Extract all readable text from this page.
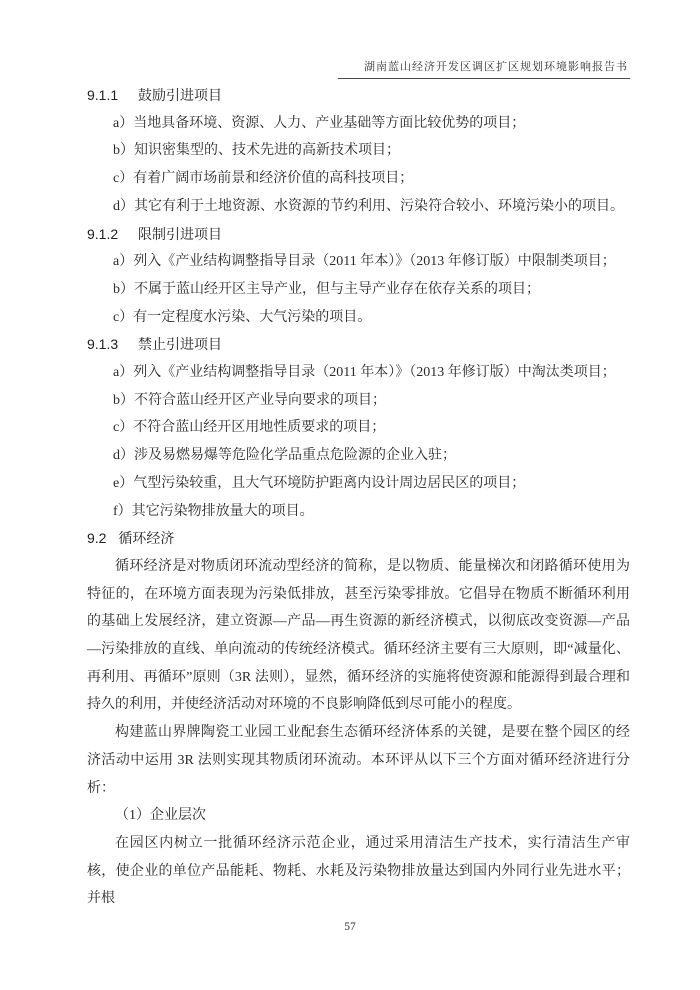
湖南蓝山经济开发区调区扩区规划环境影响报告书
9.1.1 鼓励引进项目

a）当地具备环境、资源、人力、产业基础等方面比较优势的项目；

b）知识密集型的、技术先进的高新技术项目；

c）有着广阔市场前景和经济价值的高科技项目；

d）其它有利于土地资源、水资源的节约利用、污染符合较小、环境污染小的项目。

9.1.2 限制引进项目

a）列入《产业结构调整指导目录（2011 年本）》（2013 年修订版）中限制类项目；

b）不属于蓝山经开区主导产业，但与主导产业存在依存关系的项目；

c）有一定程度水污染、大气污染的项目。

9.1.3 禁止引进项目

a）列入《产业结构调整指导目录（2011 年本）》（2013 年修订版）中淘汰类项目；

b）不符合蓝山经开区产业导向要求的项目；

c）不符合蓝山经开区用地性质要求的项目；

d）涉及易燃易爆等危险化学品重点危险源的企业入驻；

e）气型污染较重，且大气环境防护距离内设计周边居民区的项目；

f）其它污染物排放量大的项目。

9.2 循环经济

循环经济是对物质闭环流动型经济的简称，是以物质、能量梯次和闭路循环使用为特征的，在环境方面表现为污染低排放，甚至污染零排放。它倡导在物质不断循环利用的基础上发展经济，建立资源—产品—再生资源的新经济模式，以彻底改变资源—产品—污染排放的直线、单向流动的传统经济模式。循环经济主要有三大原则，即“减量化、再利用、再循环”原则（3R 法则），显然，循环经济的实施将使资源和能源得到最合理和持久的利用，并使经济活动对环境的不良影响降低到尽可能小的程度。

构建蓝山界牌陶瓷工业园工业配套生态循环经济体系的关键，是要在整个园区的经济活动中运用 3R 法则实现其物质闭环流动。本环评从以下三个方面对循环经济进行分析：

（1）企业层次

在园区内树立一批循环经济示范企业，通过采用清洁生产技术，实行清洁生产审核，使企业的单位产品能耗、物耗、水耗及污染物排放量达到国内外同行业先进水平；并根

57
